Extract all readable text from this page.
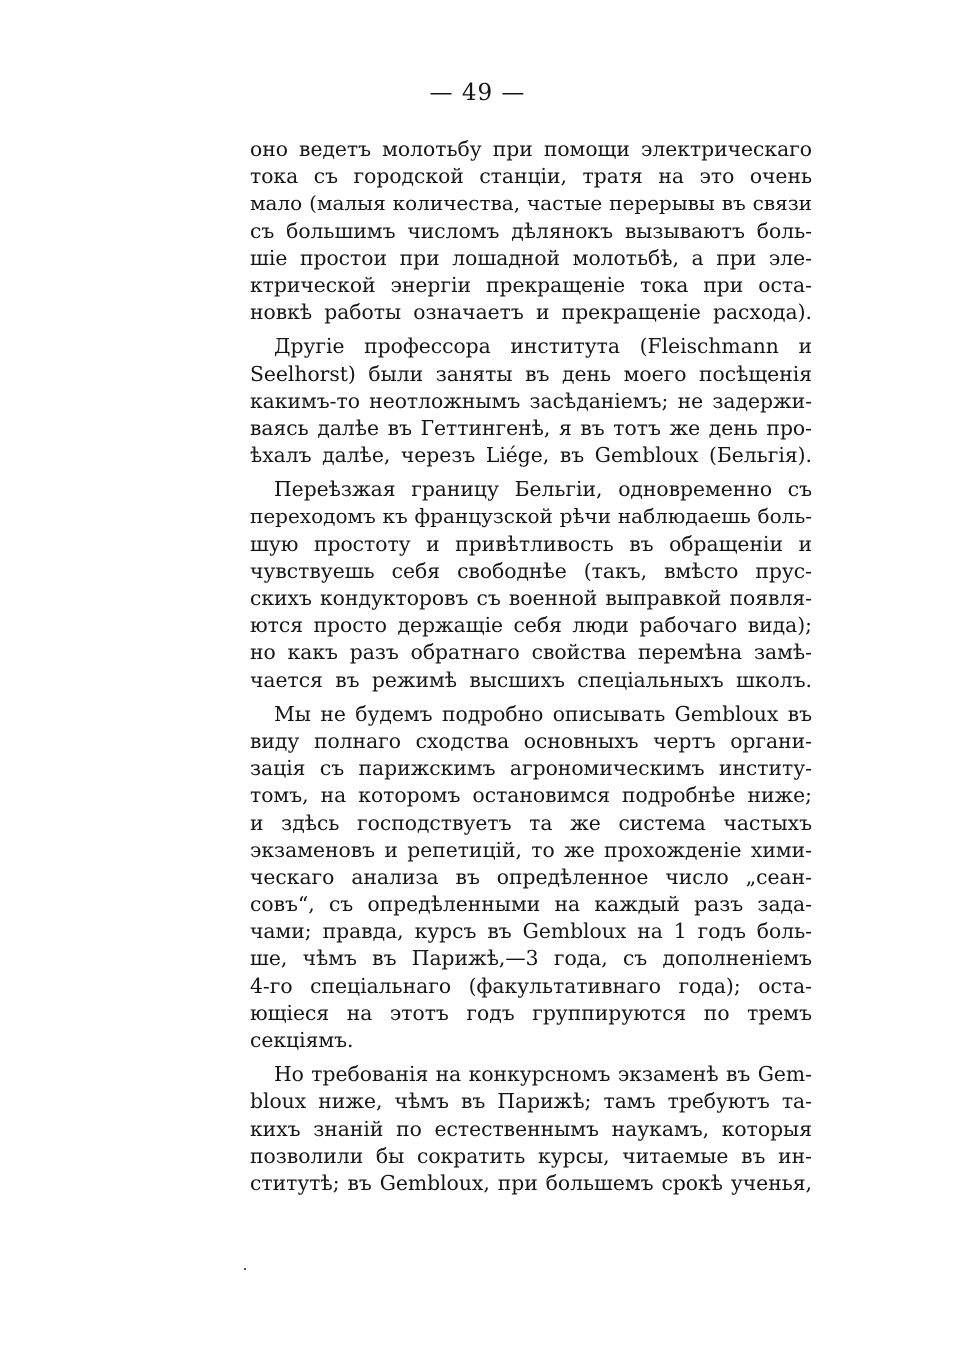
— 49 —
оно ведетъ молотьбу при помощи электрическаго
тока съ городской станціи, тратя на это очень
мало (малыя количества, частые перерывы въ связи
съ большимъ числомъ дѣлянокъ вызываютъ боль-
шіе простои при лошадной молотьбѣ, а при эле-
ктрической энергіи прекращеніе тока при оста-
новкѣ работы означаетъ и прекращеніе расхода).
Другіе профессора института (Fleischmann и
Seelhorst) были заняты въ день моего посѣщенія
какимъ-то неотложнымъ засѣданіемъ; не задержи-
ваясь далѣе въ Геттингенѣ, я въ тотъ же день про-
ѣхалъ далѣе, черезъ Liége, въ Gembloux (Бельгія).
Переѣзжая границу Бельгіи, одновременно съ
переходомъ къ французской рѣчи наблюдаешь боль-
шую простоту и привѣтливость въ обращеніи и
чувствуешь себя свободнѣе (такъ, вмѣсто прус-
скихъ кондукторовъ съ военной выправкой появля-
ются просто держащіе себя люди рабочаго вида);
но какъ разъ обратнаго свойства перемѣна замѣ-
чается въ режимѣ высшихъ спеціальныхъ школъ.
Мы не будемъ подробно описывать Gembloux въ
виду полнаго сходства основныхъ чертъ органи-
зація съ парижскимъ агрономическимъ институ-
томъ, на которомъ остановимся подробнѣе ниже;
и здѣсь господствуетъ та же система частыхъ
экзаменовъ и репетицій, то же прохожденіе хими-
ческаго анализа въ опредѣленное число „сеан-
совъ“, съ опредѣленными на каждый разъ зада-
чами; правда, курсъ въ Gembloux на 1 годъ боль-
ше, чѣмъ въ Парижѣ,—3 года, съ дополненіемъ
4-го спеціальнаго (факультативнаго года); оста-
ющіеся на этотъ годъ группируются по тремъ
секціямъ.
Но требованія на конкурсномъ экзаменѣ въ Gem-
bloux ниже, чѣмъ въ Парижѣ; тамъ требуютъ та-
кихъ знаній по естественнымъ наукамъ, которыя
позволили бы сократить курсы, читаемые въ ин-
ститутѣ; въ Gembloux, при большемъ срокѣ ученья,
